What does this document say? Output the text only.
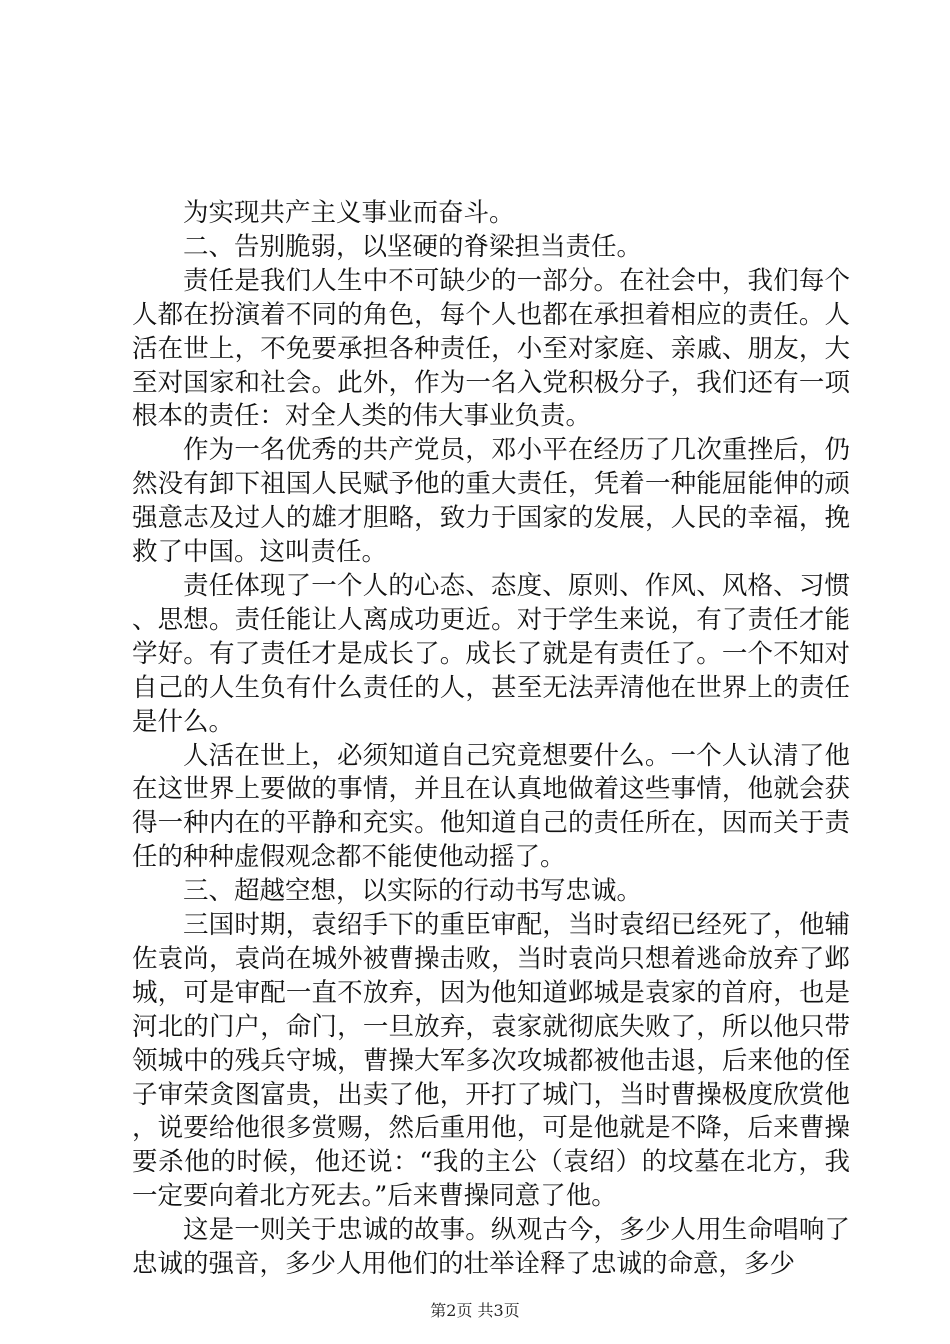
为实现共产主义事业而奋斗。

二、告别脆弱，以坚硬的脊梁担当责任。

责任是我们人生中不可缺少的一部分。在社会中，我们每个人都在扮演着不同的角色，每个人也都在承担着相应的责任。人活在世上，不免要承担各种责任，小至对家庭、亲戚、朋友，大至对国家和社会。此外，作为一名入党积极分子，我们还有一项根本的责任：对全人类的伟大事业负责。

作为一名优秀的共产党员，邓小平在经历了几次重挫后，仍然没有卸下祖国人民赋予他的重大责任，凭着一种能屈能伸的顽强意志及过人的雄才胆略，致力于国家的发展，人民的幸福，挽救了中国。这叫责任。

责任体现了一个人的心态、态度、原则、作风、风格、习惯、思想。责任能让人离成功更近。对于学生来说，有了责任才能学好。有了责任才是成长了。成长了就是有责任了。一个不知对自己的人生负有什么责任的人，甚至无法弄清他在世界上的责任是什么。

人活在世上，必须知道自己究竟想要什么。一个人认清了他在这世界上要做的事情，并且在认真地做着这些事情，他就会获得一种内在的平静和充实。他知道自己的责任所在，因而关于责任的种种虚假观念都不能使他动摇了。

三、超越空想，以实际的行动书写忠诚。

三国时期，袁绍手下的重臣审配，当时袁绍已经死了，他辅佐袁尚，袁尚在城外被曹操击败，当时袁尚只想着逃命放弃了邺城，可是审配一直不放弃，因为他知道邺城是袁家的首府，也是河北的门户，命门，一旦放弃，袁家就彻底失败了，所以他只带领城中的残兵守城，曹操大军多次攻城都被他击退，后来他的侄子审荣贪图富贵，出卖了他，开打了城门，当时曹操极度欣赏他，说要给他很多赏赐，然后重用他，可是他就是不降，后来曹操要杀他的时候，他还说：“我的主公（袁绍）的坟墓在北方，我一定要向着北方死去。”后来曹操同意了他。

这是一则关于忠诚的故事。纵观古今，多少人用生命唱响了忠诚的强音，多少人用他们的壮举诠释了忠诚的命意，多少

第2页 共3页
